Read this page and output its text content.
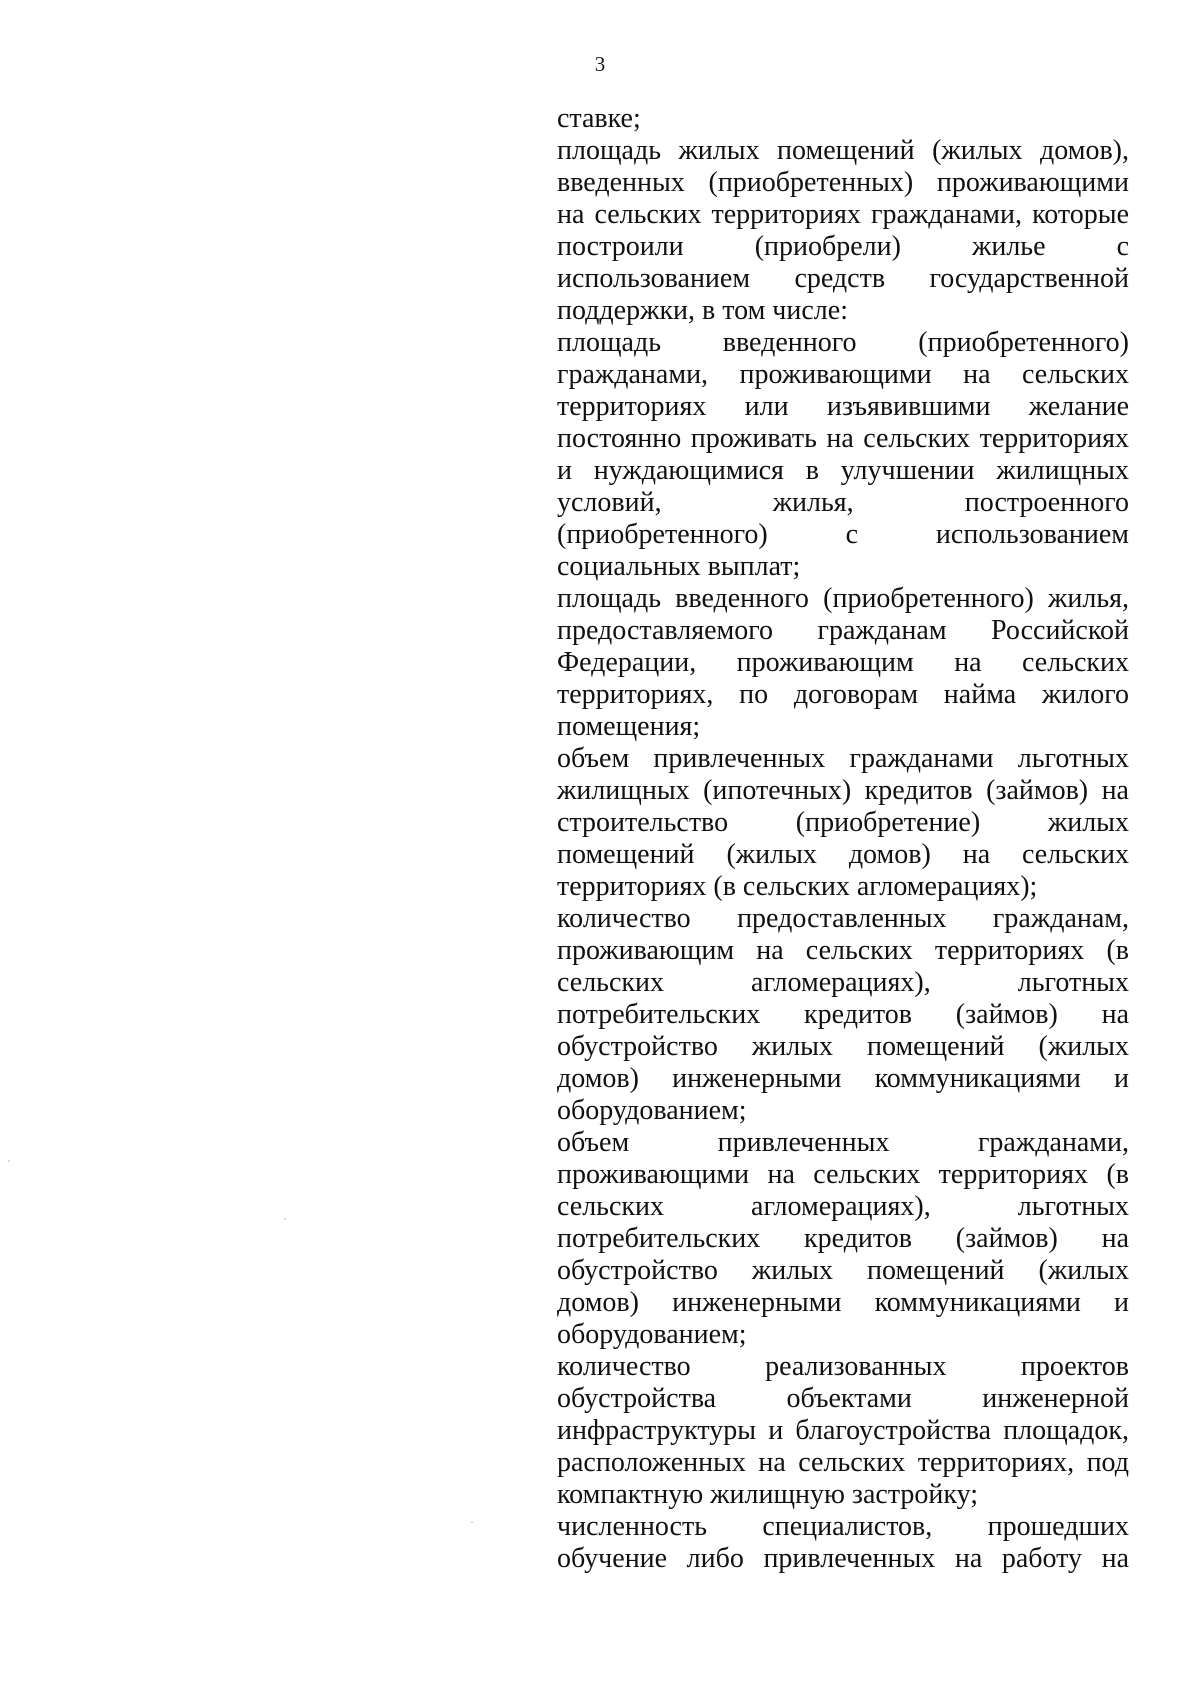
3
ставке;
площадь жилых помещений (жилых домов),
введенных (приобретенных) проживающими
на сельских территориях гражданами, которые
построили (приобрели) жилье с
использованием средств государственной
поддержки, в том числе:
площадь введенного (приобретенного)
гражданами, проживающими на сельских
территориях или изъявившими желание
постоянно проживать на сельских территориях
и нуждающимися в улучшении жилищных
условий, жилья, построенного
(приобретенного) с использованием
социальных выплат;
площадь введенного (приобретенного) жилья,
предоставляемого гражданам Российской
Федерации, проживающим на сельских
территориях, по договорам найма жилого
помещения;
объем привлеченных гражданами льготных
жилищных (ипотечных) кредитов (займов) на
строительство (приобретение) жилых
помещений (жилых домов) на сельских
территориях (в сельских агломерациях);
количество предоставленных гражданам,
проживающим на сельских территориях (в
сельских агломерациях), льготных
потребительских кредитов (займов) на
обустройство жилых помещений (жилых
домов) инженерными коммуникациями и
оборудованием;
объем привлеченных гражданами,
проживающими на сельских территориях (в
сельских агломерациях), льготных
потребительских кредитов (займов) на
обустройство жилых помещений (жилых
домов) инженерными коммуникациями и
оборудованием;
количество реализованных проектов
обустройства объектами инженерной
инфраструктуры и благоустройства площадок,
расположенных на сельских территориях, под
компактную жилищную застройку;
численность специалистов, прошедших
обучение либо привлеченных на работу на
